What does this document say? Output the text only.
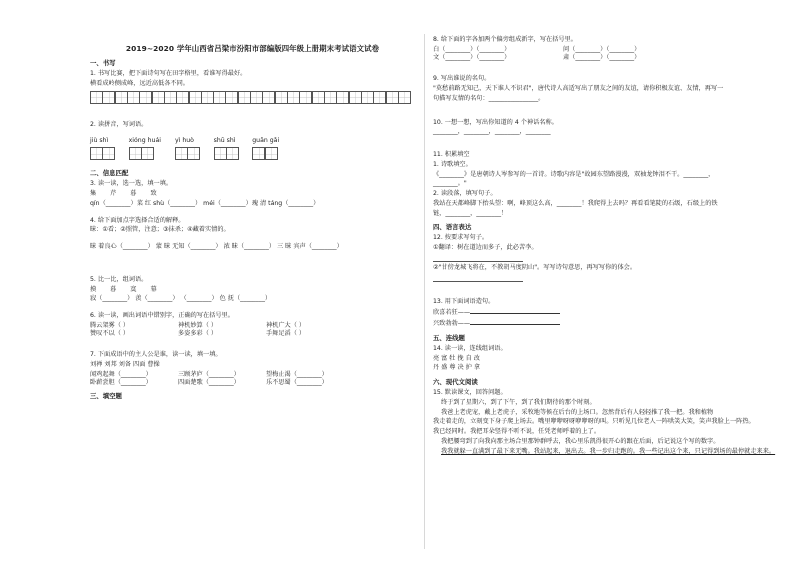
2019~2020 学年山西省吕梁市汾阳市部编版四年级上册期末考试语文试卷
一、书写
1. 书写比赛，把下面诗句写在田字格里，看谁写得最好。
横看成岭侧成峰，远近高低各不同。
2. 读拼音，写词语。
jiù shì	xióng huái yì huò	shū shì	guān gǎi
二、信息匹配
3. 读一读，选一选，填一填。
集 芹 暮 致
qín（________）菜 红 shù（________） méi（________）瑰 清 táng（________）
4. 给下面加点字选择合适的解释。
昧：①看；②照管，注意；③抹杀；④藏着实情的。
昧 着良心（________） 蒙 昧 无知（________） 浓 昧（________） 三 昧 宾声（________）
5. 比一比，组词语。
摸 暮 寞 幕
寂（________） 羡（________） （________） 色 抚（________）
6. 读一读，画出词语中错别字，正确的写在括号里。
腾云架雾（ ）	神机妙算（ ）	神机广大（ ）
赞叹不以（ ）	多姿多彩（ ）	手舞足滔（ ）
7. 下面成语中的主人公是谁，读一读，填一填。
刘禅 刘邦 刘备 四面 曹操
闻鸡起舞（________）	三顾茅庐（________）	望梅止渴（________）
卧薪尝胆（________）	四面楚歌（________）	乐不思蜀（________）
三、填空题
8. 给下面的字各加两个偏旁组成新字，写在括号里。
白（________）（________）	问（________）（________）
文（________）（________）	肃（________）（________）
9. 写出谁说的名句。
"莫愁前路无知己，天下谁人不识君"，唐代诗人高适写出了朋友之间的友谊，请你积极友谊、友情，再写一
句描写友情的名句：________________。
10. 一想一想，写出你知道的 4 个神话名称。
________，________，________，________
11. 积累填空
1. 诗歌填空。
《________》是唐朝诗人岑参写的一首诗。诗歌内容是"故园东望路漫漫，双袖龙钟泪不干。________，
________。"
2. 读段落，填写句子。
我站在天都峰脚下抬头望：啊，峰顶这么高，________！我爬得上去吗？再看看笔陡的石级，石级上的铁
链，________，________！
四、语言表达
12. 按要求写句子。
①翻译：树在道边而多子，此必苦李。
②"甘傍龙城飞将在，不教胡马度阴山"。写写诗句意思，再写写你的体会。
13. 用下面词语造句。
欣喜若狂——
兴致勃勃——
五、连线题
14. 读一读，连线组词语。
亮 富 牡 挽 自 改
丹 盛 尊 决 护 拿
六、现代文阅读
15. 默读课文，回答问题。
终于到了星期六，到了下午，到了我们期待的那个时刻。
我爸上老虎宠，戴上老虎子，采牧地等候在后台的上场口。忽然背后有人轻轻推了我一把。我和植物
我走着走的，立刻变下身子爬上场去。嘴里咿咿呀呀咿咿呀的叫。只听见几位老人一阵哄笑大笑，笑声我脸上一阵热。
我已经同时。我把耳朵竖得不听不说，任凭老师呼着的上了。
我把腰弯到了向我向那主场合里那钟群呼去，我心里乐凯得很开心的跟在后面，后记说这个写的数字。
我我就躲一直满到了最下来无嘴。我站起来，退出去。我一步归走跑的。我一些记出这个来，只记得到场的最停就走来来。
